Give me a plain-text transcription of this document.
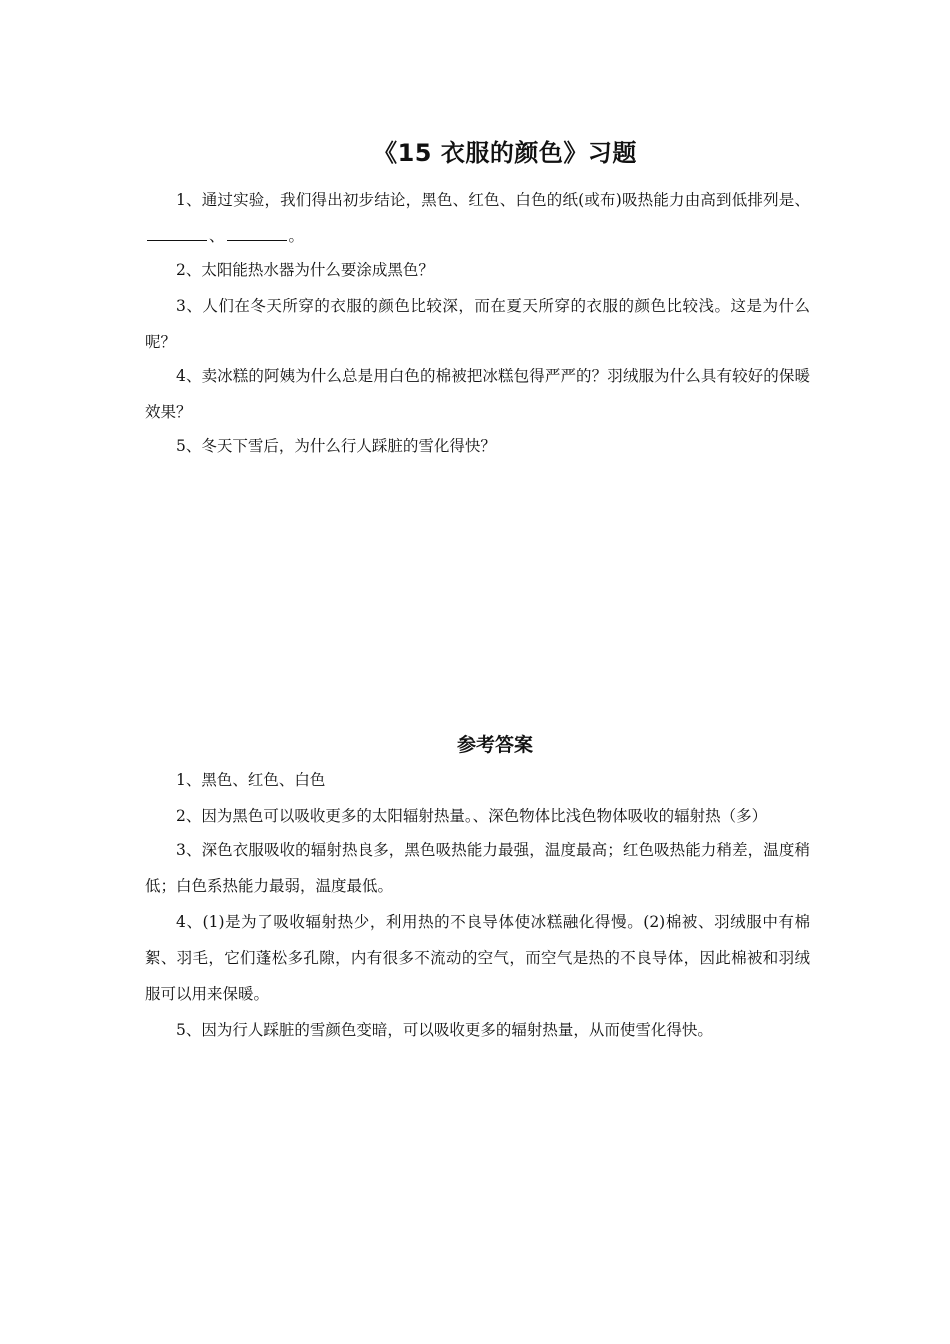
《15 衣服的颜色》习题
1、通过实验，我们得出初步结论，黑色、红色、白色的纸(或布)吸热能力由高到低排列是、、	。
2、太阳能热水器为什么要涂成黑色？
3、人们在冬天所穿的衣服的颜色比较深，而在夏天所穿的衣服的颜色比较浅。这是为什么呢？
4、卖冰糕的阿姨为什么总是用白色的棉被把冰糕包得严严的？羽绒服为什么具有较好的保暖效果？
5、冬天下雪后，为什么行人踩脏的雪化得快？
参考答案
1、黑色、红色、白色
2、因为黑色可以吸收更多的太阳辐射热量。、深色物体比浅色物体吸收的辐射热（多）
3、深色衣服吸收的辐射热良多，黑色吸热能力最强，温度最高；红色吸热能力稍差，温度稍低；白色系热能力最弱，温度最低。
4、(1)是为了吸收辐射热少，利用热的不良导体使冰糕融化得慢。(2)棉被、羽绒服中有棉絮、羽毛，它们蓬松多孔隙，内有很多不流动的空气，而空气是热的不良导体，因此棉被和羽绒服可以用来保暖。
5、因为行人踩脏的雪颜色变暗，可以吸收更多的辐射热量，从而使雪化得快。
